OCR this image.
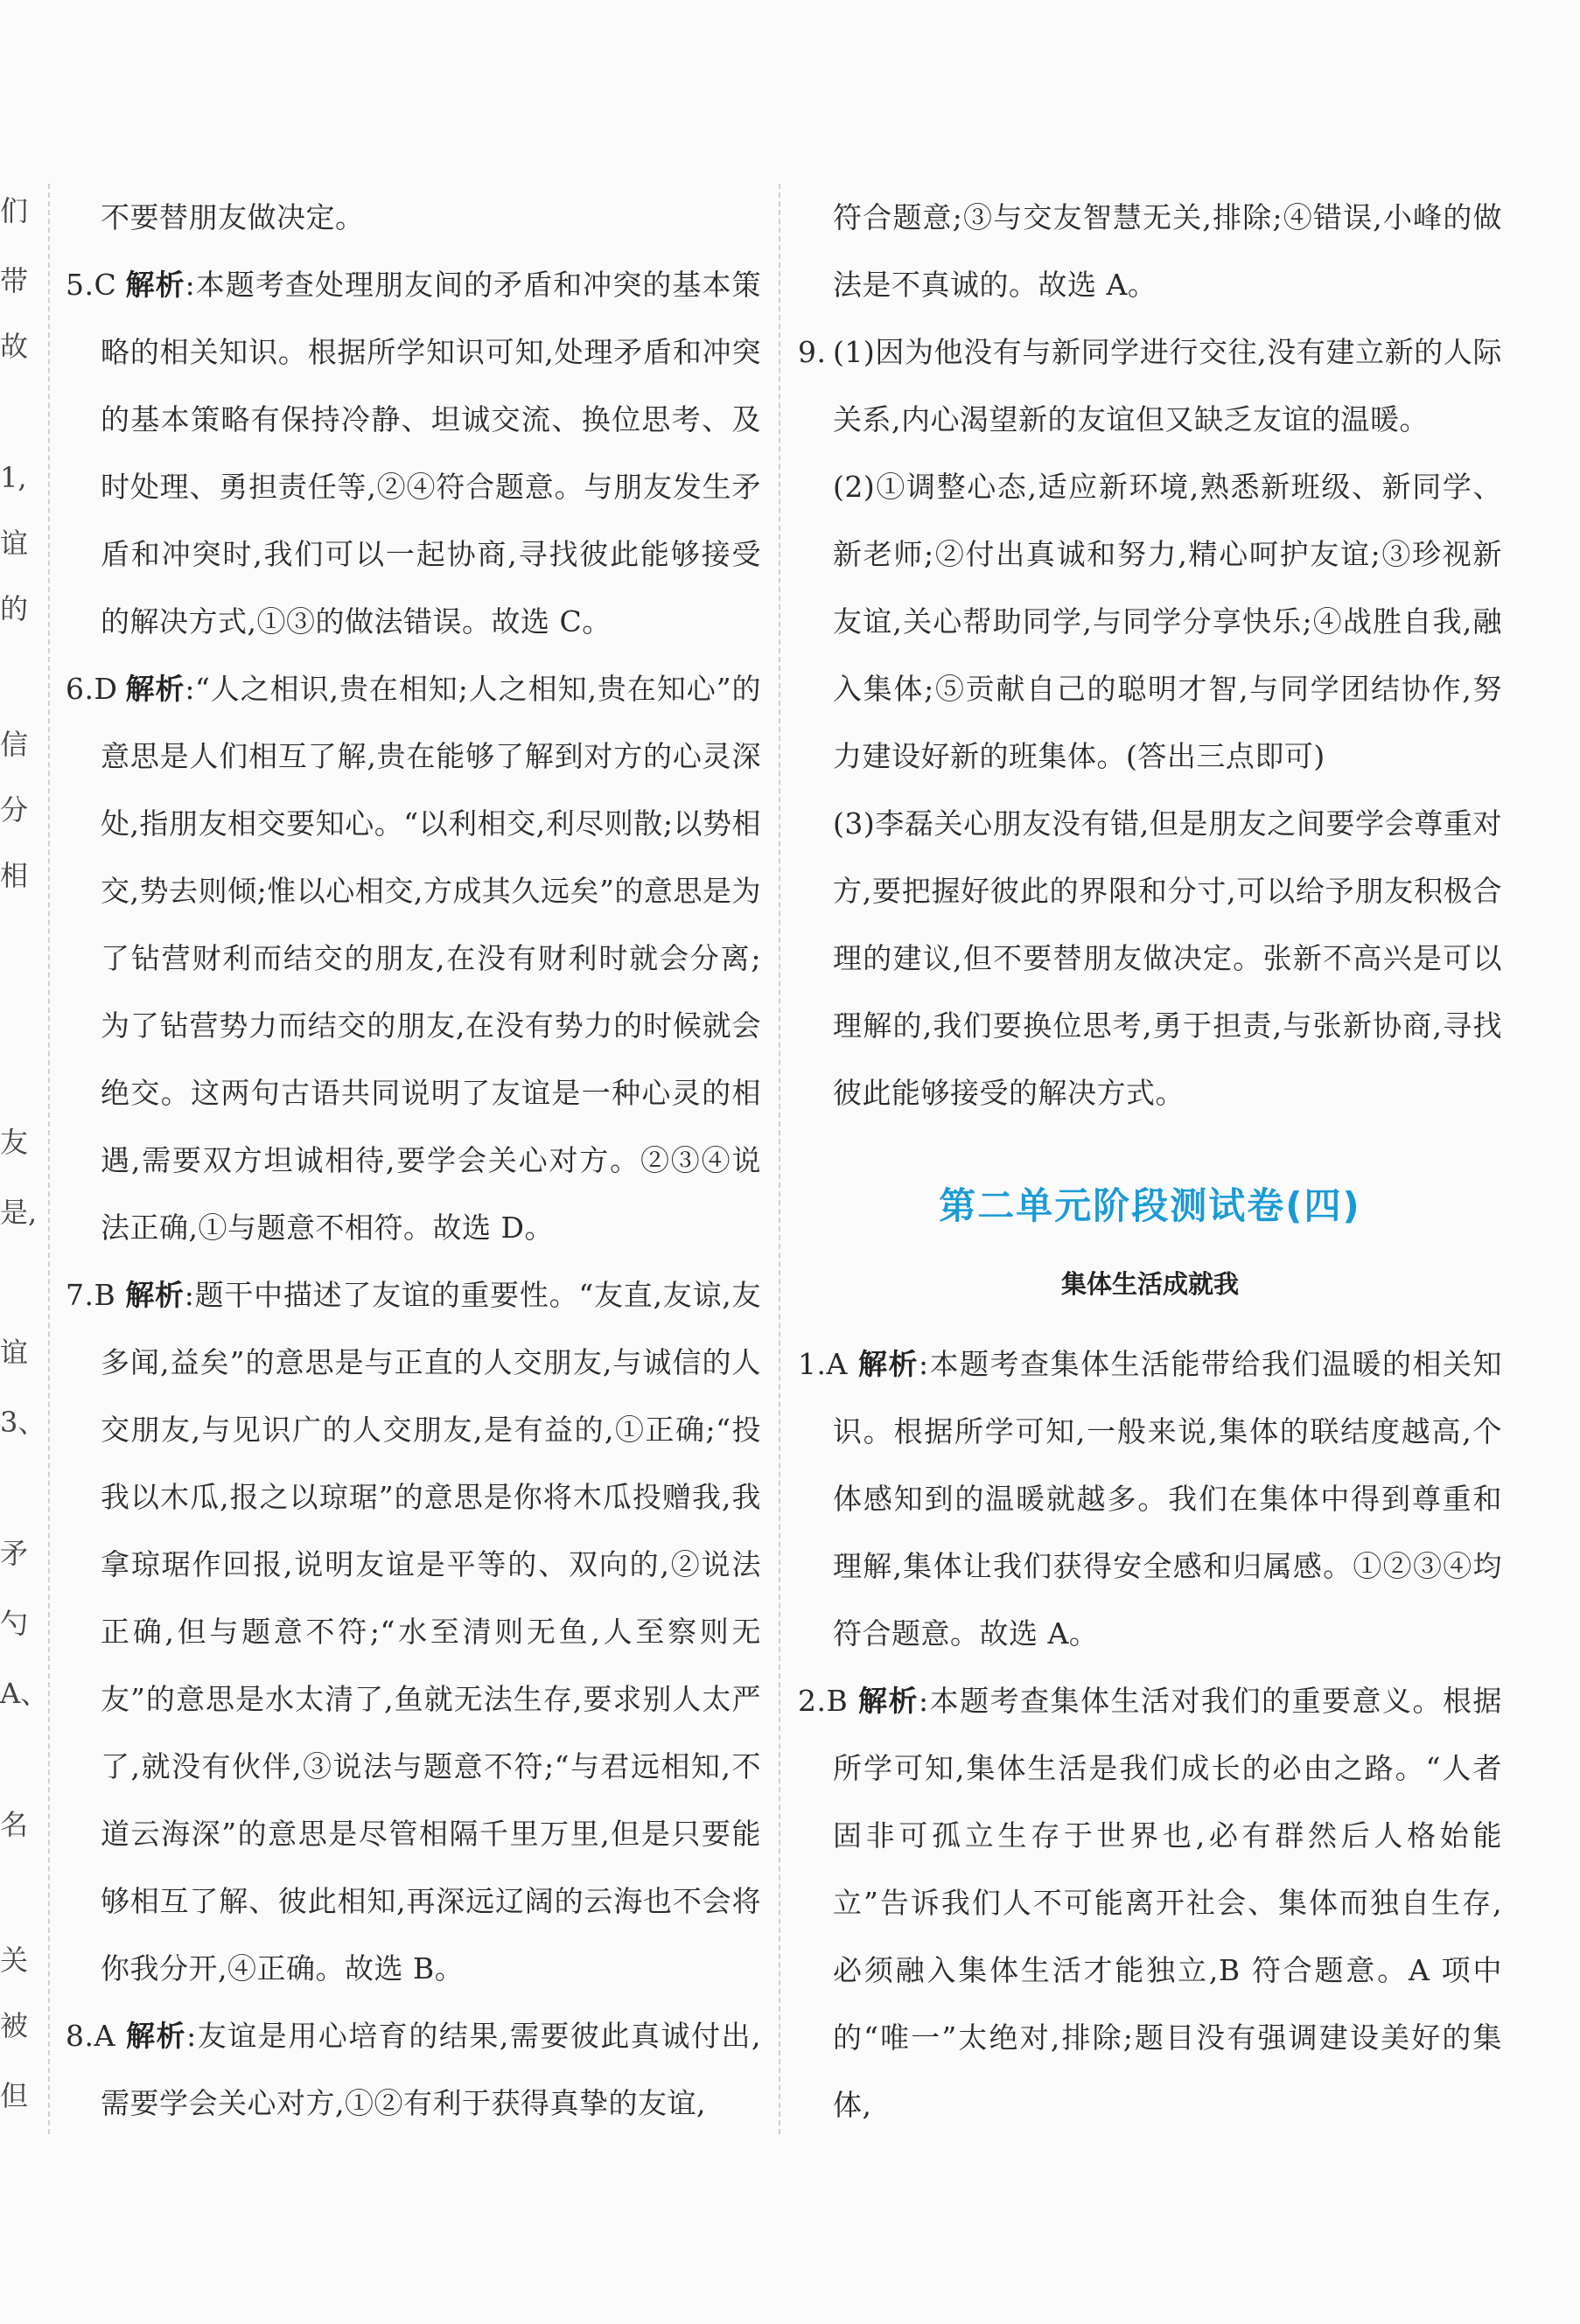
们
带
故
1,
谊
的
信
分
相
友
是,
谊
3、
矛
勺
A、
名
关
被
但

不要替朋友做决定。

5.C 解析:本题考查处理朋友间的矛盾和冲突的基本策略的相关知识。根据所学知识可知,处理矛盾和冲突的基本策略有保持冷静、坦诚交流、换位思考、及时处理、勇担责任等,②④符合题意。与朋友发生矛盾和冲突时,我们可以一起协商,寻找彼此能够接受的解决方式,①③的做法错误。故选 C。

6.D 解析:“人之相识,贵在相知;人之相知,贵在知心”的意思是人们相互了解,贵在能够了解到对方的心灵深处,指朋友相交要知心。“以利相交,利尽则散;以势相交,势去则倾;惟以心相交,方成其久远矣”的意思是为了钻营财利而结交的朋友,在没有财利时就会分离;为了钻营势力而结交的朋友,在没有势力的时候就会绝交。这两句古语共同说明了友谊是一种心灵的相遇,需要双方坦诚相待,要学会关心对方。②③④说法正确,①与题意不相符。故选 D。

7.B 解析:题干中描述了友谊的重要性。“友直,友谅,友多闻,益矣”的意思是与正直的人交朋友,与诚信的人交朋友,与见识广的人交朋友,是有益的,①正确;“投我以木瓜,报之以琼琚”的意思是你将木瓜投赠我,我拿琼琚作回报,说明友谊是平等的、双向的,②说法正确,但与题意不符;“水至清则无鱼,人至察则无友”的意思是水太清了,鱼就无法生存,要求别人太严了,就没有伙伴,③说法与题意不符;“与君远相知,不道云海深”的意思是尽管相隔千里万里,但是只要能够相互了解、彼此相知,再深远辽阔的云海也不会将你我分开,④正确。故选 B。

8.A 解析:友谊是用心培育的结果,需要彼此真诚付出,需要学会关心对方,①②有利于获得真挚的友谊,

符合题意;③与交友智慧无关,排除;④错误,小峰的做法是不真诚的。故选 A。

9. (1)因为他没有与新同学进行交往,没有建立新的人际关系,内心渴望新的友谊但又缺乏友谊的温暖。

(2)①调整心态,适应新环境,熟悉新班级、新同学、新老师;②付出真诚和努力,精心呵护友谊;③珍视新友谊,关心帮助同学,与同学分享快乐;④战胜自我,融入集体;⑤贡献自己的聪明才智,与同学团结协作,努力建设好新的班集体。(答出三点即可)

(3)李磊关心朋友没有错,但是朋友之间要学会尊重对方,要把握好彼此的界限和分寸,可以给予朋友积极合理的建议,但不要替朋友做决定。张新不高兴是可以理解的,我们要换位思考,勇于担责,与张新协商,寻找彼此能够接受的解决方式。

第二单元阶段测试卷(四)
集体生活成就我

1.A 解析:本题考查集体生活能带给我们温暖的相关知识。根据所学可知,一般来说,集体的联结度越高,个体感知到的温暖就越多。我们在集体中得到尊重和理解,集体让我们获得安全感和归属感。①②③④均符合题意。故选 A。

2.B 解析:本题考查集体生活对我们的重要意义。根据所学可知,集体生活是我们成长的必由之路。“人者固非可孤立生存于世界也,必有群然后人格始能立”告诉我们人不可能离开社会、集体而独自生存,必须融入集体生活才能独立,B 符合题意。A 项中的“唯一”太绝对,排除;题目没有强调建设美好的集体,
